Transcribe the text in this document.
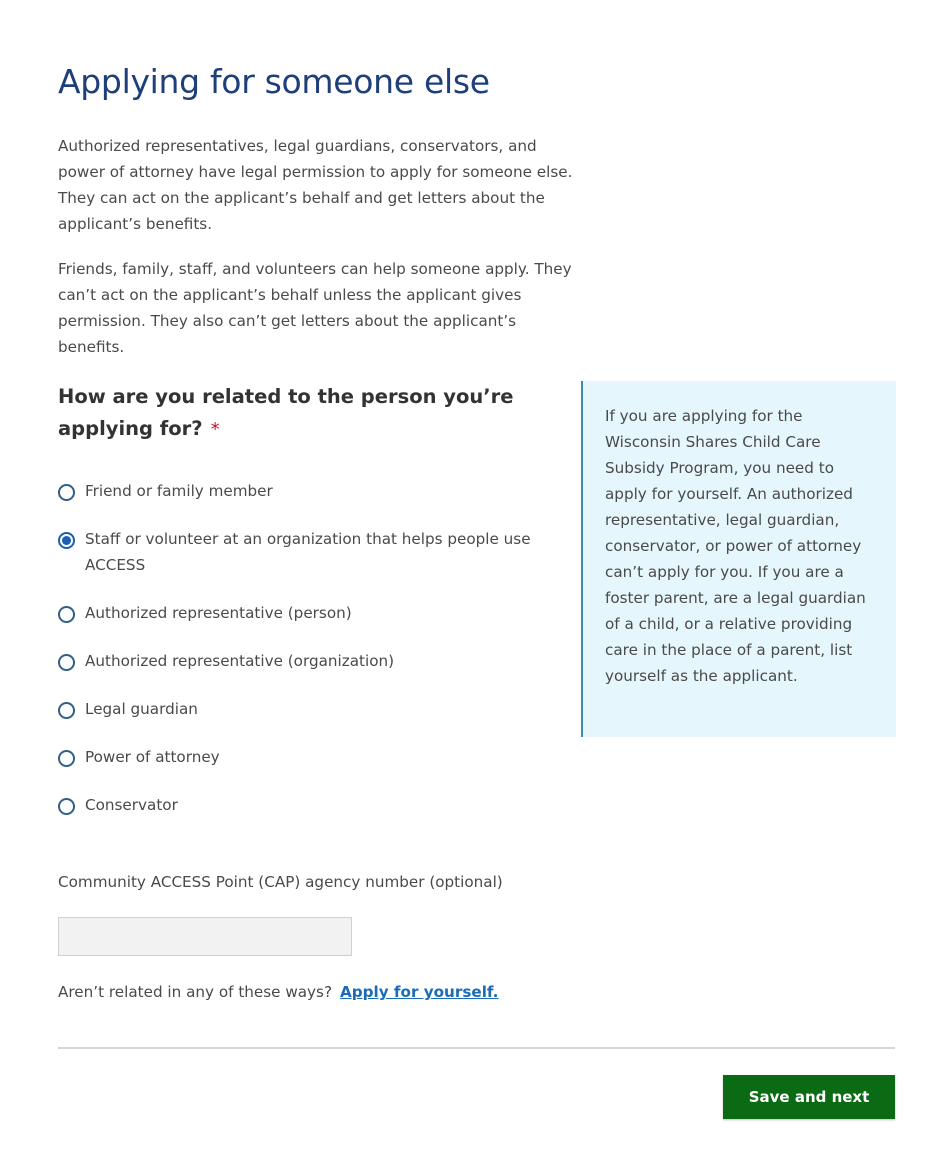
Applying for someone else

Authorized representatives, legal guardians, conservators, and power of attorney have legal permission to apply for someone else. They can act on the applicant’s behalf and get letters about the applicant’s benefits.

Friends, family, staff, and volunteers can help someone apply. They can’t act on the applicant’s behalf unless the applicant gives permission. They also can’t get letters about the applicant’s benefits.

How are you related to the person you’re applying for? *
Friend or family member
Staff or volunteer at an organization that helps people use ACCESS
Authorized representative (person)
Authorized representative (organization)
Legal guardian
Power of attorney
Conservator

If you are applying for the Wisconsin Shares Child Care Subsidy Program, you need to apply for yourself. An authorized representative, legal guardian, conservator, or power of attorney can’t apply for you. If you are a foster parent, are a legal guardian of a child, or a relative providing care in the place of a parent, list yourself as the applicant.

Community ACCESS Point (CAP) agency number (optional)
Aren’t related in any of these ways? Apply for yourself.
Save and next
